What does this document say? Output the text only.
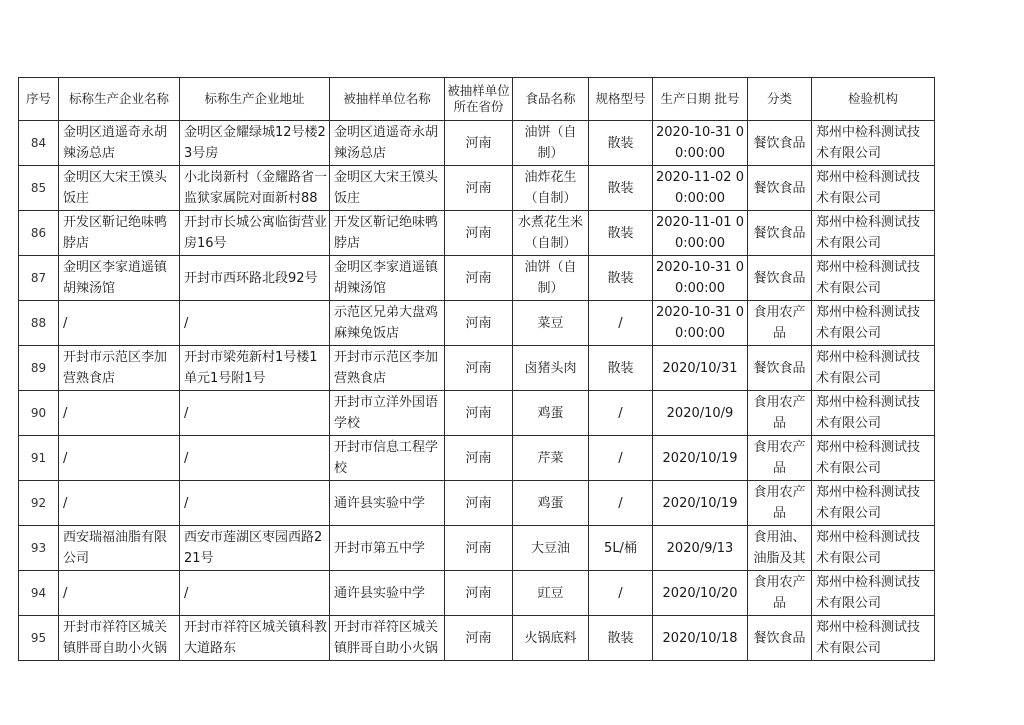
序号	标称生产企业名称	标称生产企业地址	被抽样单位名称	被抽样单位所在省份	食品名称	规格型号	生产日期 批号	分类	检验机构

84	金明区逍遥奇永胡辣汤总店	金明区金耀绿城12号楼23号房	金明区逍遥奇永胡辣汤总店	河南	油饼（自制）	散装	2020-10-31 00:00:00	餐饮食品	郑州中检科测试技术有限公司

85	金明区大宋王馍头饭庄	小北岗新村（金耀路省一监狱家属院对面新村88	金明区大宋王馍头饭庄	河南	油炸花生（自制）	散装	2020-11-02 00:00:00	餐饮食品	郑州中检科测试技术有限公司

86	开发区靳记绝味鸭脖店	开封市长城公寓临街营业房16号	开发区靳记绝味鸭脖店	河南	水煮花生米（自制）	散装	2020-11-01 00:00:00	餐饮食品	郑州中检科测试技术有限公司

87	金明区李家逍遥镇胡辣汤馆	开封市西环路北段92号	金明区李家逍遥镇胡辣汤馆	河南	油饼（自制）	散装	2020-10-31 00:00:00	餐饮食品	郑州中检科测试技术有限公司

88	/	/	示范区兄弟大盘鸡麻辣兔饭店	河南	菜豆	/	2020-10-31 00:00:00	食用农产品	郑州中检科测试技术有限公司

89	开封市示范区李加营熟食店	开封市梁苑新村1号楼1单元1号附1号	开封市示范区李加营熟食店	河南	卤猪头肉	散装	2020/10/31	餐饮食品	郑州中检科测试技术有限公司

90	/	/	开封市立洋外国语学校	河南	鸡蛋	/	2020/10/9	食用农产品	郑州中检科测试技术有限公司

91	/	/	开封市信息工程学校	河南	芹菜	/	2020/10/19	食用农产品	郑州中检科测试技术有限公司

92	/	/	通许县实验中学	河南	鸡蛋	/	2020/10/19	食用农产品	郑州中检科测试技术有限公司

93	西安瑞福油脂有限公司	西安市莲湖区枣园西路221号	开封市第五中学	河南	大豆油	5L/桶	2020/9/13	食用油、油脂及其	郑州中检科测试技术有限公司

94	/	/	通许县实验中学	河南	豇豆	/	2020/10/20	食用农产品	郑州中检科测试技术有限公司

95	开封市祥符区城关镇胖哥自助小火锅	开封市祥符区城关镇科教大道路东	开封市祥符区城关镇胖哥自助小火锅	河南	火锅底料	散装	2020/10/18	餐饮食品	郑州中检科测试技术有限公司
